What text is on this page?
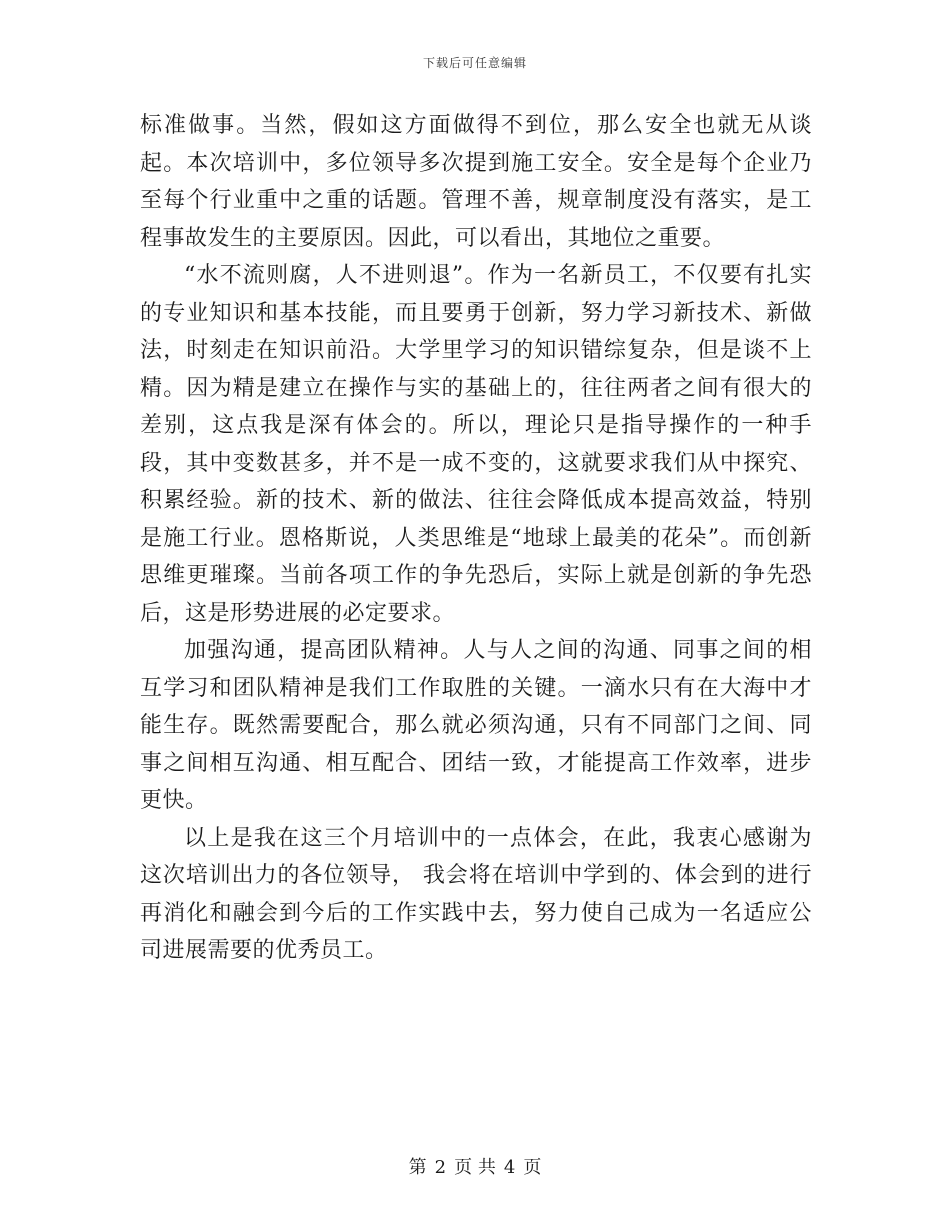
下载后可任意编辑

标准做事。当然，假如这方面做得不到位，那么安全也就无从谈起。本次培训中，多位领导多次提到施工安全。安全是每个企业乃至每个行业重中之重的话题。管理不善，规章制度没有落实，是工程事故发生的主要原因。因此，可以看出，其地位之重要。

“水不流则腐，人不进则退”。作为一名新员工，不仅要有扎实的专业知识和基本技能，而且要勇于创新，努力学习新技术、新做法，时刻走在知识前沿。大学里学习的知识错综复杂，但是谈不上精。因为精是建立在操作与实的基础上的，往往两者之间有很大的差别，这点我是深有体会的。所以，理论只是指导操作的一种手段，其中变数甚多，并不是一成不变的，这就要求我们从中探究、积累经验。新的技术、新的做法、往往会降低成本提高效益，特别是施工行业。恩格斯说，人类思维是“地球上最美的花朵”。而创新思维更璀璨。当前各项工作的争先恐后，实际上就是创新的争先恐后，这是形势进展的必定要求。

加强沟通，提高团队精神。人与人之间的沟通、同事之间的相互学习和团队精神是我们工作取胜的关键。一滴水只有在大海中才能生存。既然需要配合，那么就必须沟通，只有不同部门之间、同事之间相互沟通、相互配合、团结一致，才能提高工作效率，进步更快。

以上是我在这三个月培训中的一点体会，在此，我衷心感谢为这次培训出力的各位领导， 我会将在培训中学到的、体会到的进行再消化和融会到今后的工作实践中去，努力使自己成为一名适应公司进展需要的优秀员工。

第 2 页 共 4 页
